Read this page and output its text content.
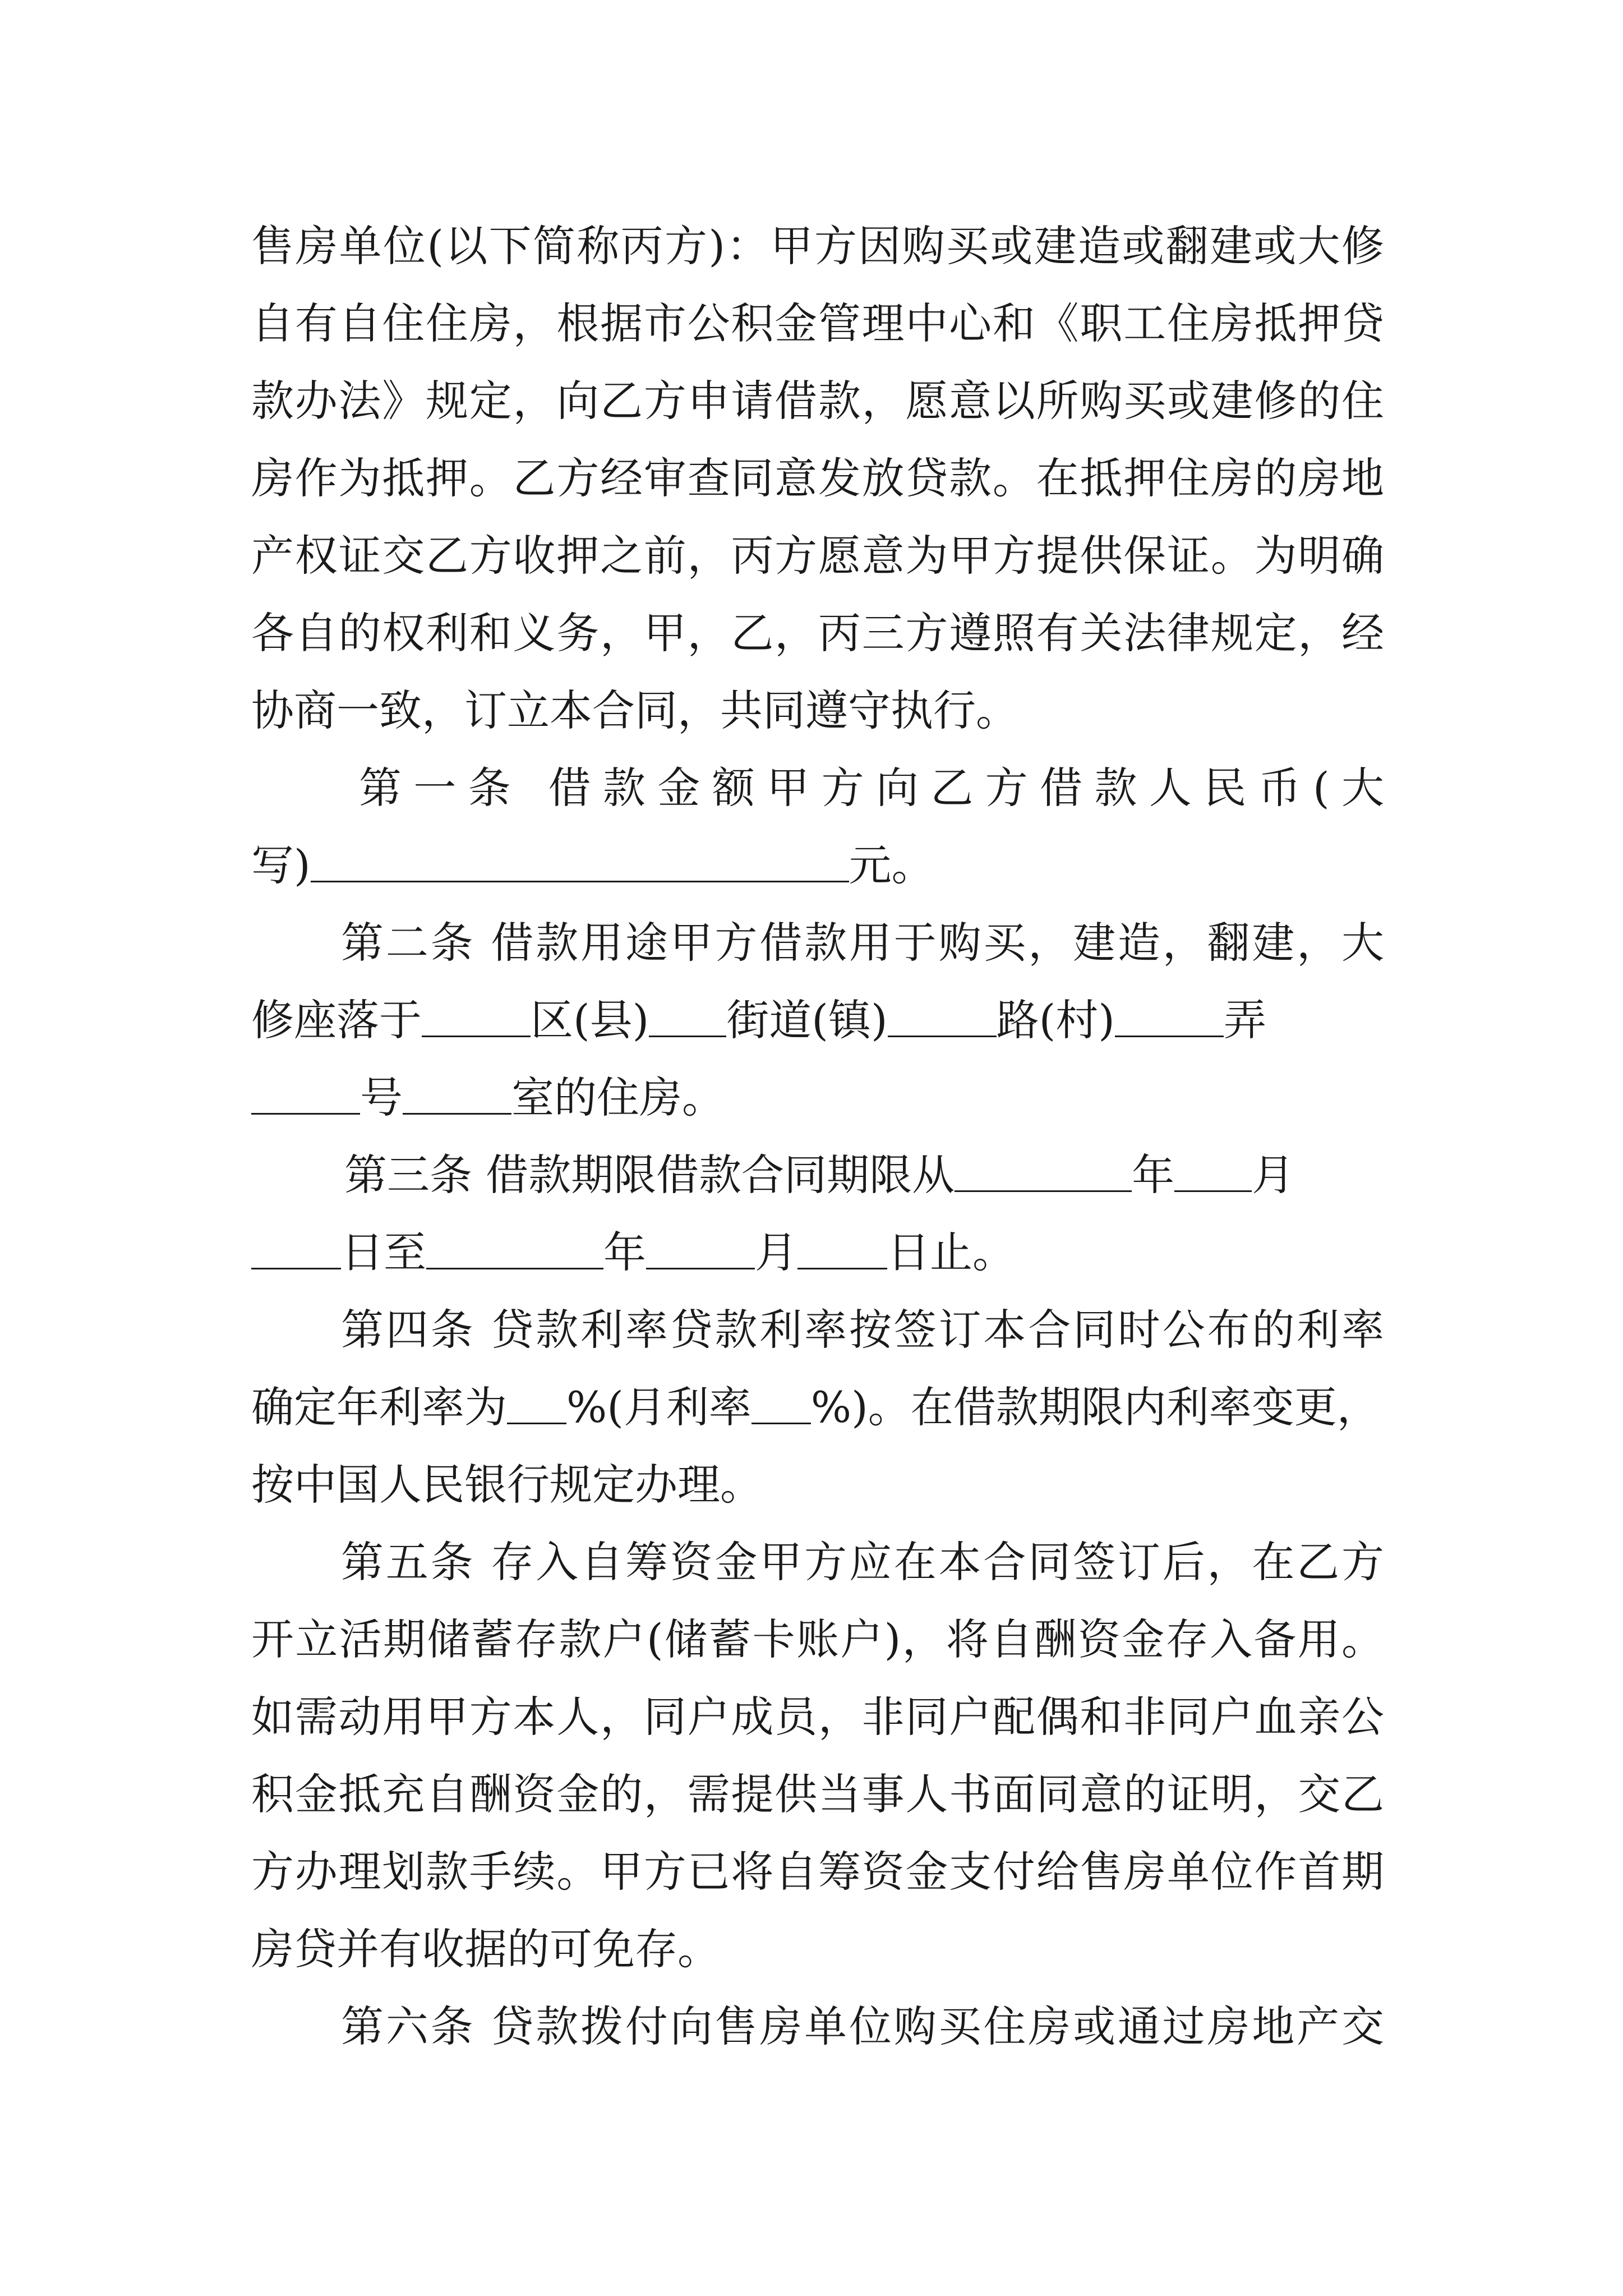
售房单位(以下简称丙方)：甲方因购买或建造或翻建或大修
自有自住住房，根据市公积金管理中心和《职工住房抵押贷
款办法》规定，向乙方申请借款，愿意以所购买或建修的住
房作为抵押。乙方经审查同意发放贷款。在抵押住房的房地
产权证交乙方收押之前，丙方愿意为甲方提供保证。为明确
各自的权利和义务，甲，乙，丙三方遵照有关法律规定，经
协商一致，订立本合同，共同遵守执行。
第一条 借款金额甲方向乙方借款人民币(大
写)	元。
第二条 借款用途甲方借款用于购买，建造，翻建，大
修座落于	区(县) 街道(镇)	路(村)	弄
号	室的住房。
第三条 借款期限借款合同期限从	年 月
日至	年	月 日止。
第四条 贷款利率贷款利率按签订本合同时公布的利率
确定年利率为 %(月利率 %)。在借款期限内利率变更，
按中国人民银行规定办理。
第五条 存入自筹资金甲方应在本合同签订后，在乙方
开立活期储蓄存款户(储蓄卡账户)，将自酬资金存入备用。
如需动用甲方本人，同户成员，非同户配偶和非同户血亲公
积金抵充自酬资金的，需提供当事人书面同意的证明，交乙
方办理划款手续。甲方已将自筹资金支付给售房单位作首期
房贷并有收据的可免存。
第六条 贷款拨付向售房单位购买住房或通过房地产交
